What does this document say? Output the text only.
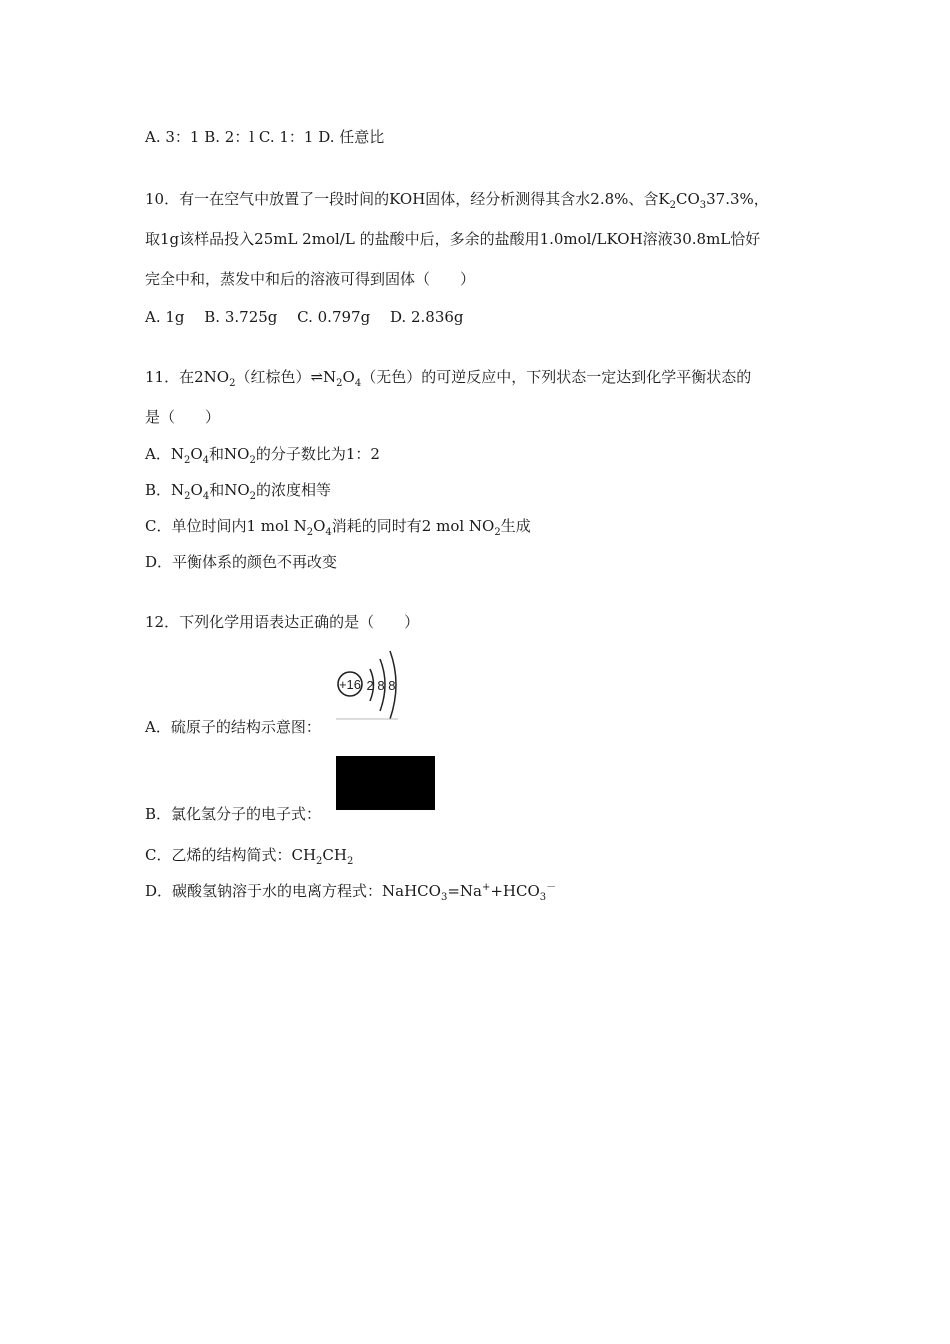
A. 3：1 B. 2：l C. 1：1 D. 任意比
10．有一在空气中放置了一段时间的KOH固体，经分析测得其含水2.8%、含$K_2CO_337.3\%$，
取1g该样品投入25mL 2mol/L 的盐酸中后，多余的盐酸用1.0mol/LKOH溶液30.8mL恰好
完全中和，蒸发中和后的溶液可得到固体（　　）
A. 1g　 B. 3.725g　 C. 0.797g　 D. 2.836g
11．在$2NO_2$（红棕色）$\rightleftharpoons N_2O_4$（无色）的可逆反应中，下列状态一定达到化学平衡状态的
是（　　）
A．$N_2O_4$和$NO_2$的分子数比为1：2
B．$N_2O_4$和$NO_2$的浓度相等
C．单位时间内1 mol $N_2O_4$消耗的同时有2 mol $NO_2$生成
D．平衡体系的颜色不再改变
12．下列化学用语表达正确的是（　　）
+16 2 8 8
A．硫原子的结构示意图：
B．氯化氢分子的电子式：
C．乙烯的结构简式：$CH_2CH_2$
D．碳酸氢钠溶于水的电离方程式：$NaHCO_3=Na^++HCO_3^-$
